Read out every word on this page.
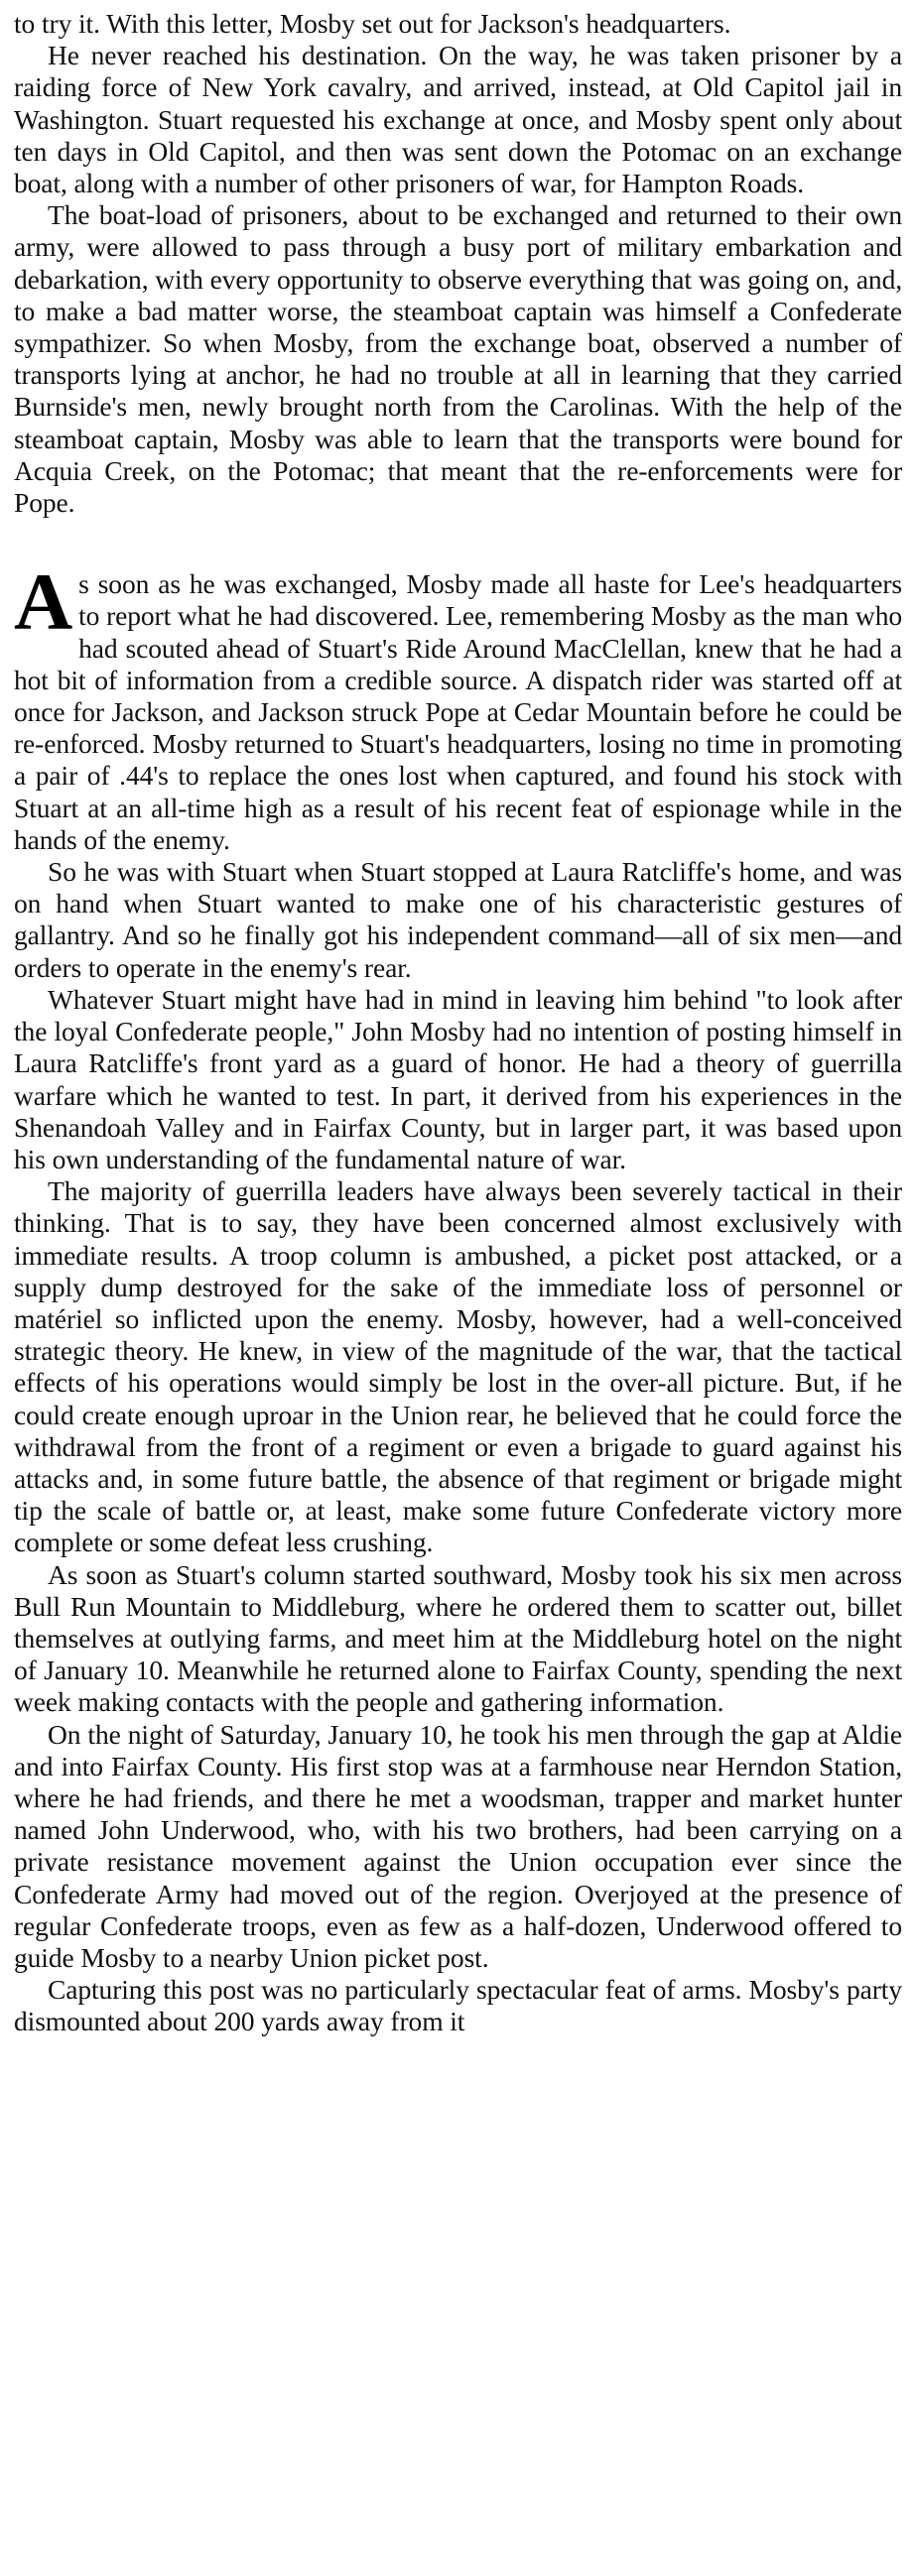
to try it. With this letter, Mosby set out for Jackson's headquarters.

He never reached his destination. On the way, he was taken prisoner by a raiding force of New York cavalry, and arrived, instead, at Old Capitol jail in Washington. Stuart requested his exchange at once, and Mosby spent only about ten days in Old Capitol, and then was sent down the Potomac on an exchange boat, along with a number of other prisoners of war, for Hampton Roads.

The boat-load of prisoners, about to be exchanged and returned to their own army, were allowed to pass through a busy port of military embarkation and debarkation, with every opportunity to observe everything that was going on, and, to make a bad matter worse, the steamboat captain was himself a Confederate sympathizer. So when Mosby, from the exchange boat, observed a number of transports lying at anchor, he had no trouble at all in learning that they carried Burnside's men, newly brought north from the Carolinas. With the help of the steamboat captain, Mosby was able to learn that the transports were bound for Acquia Creek, on the Potomac; that meant that the re-enforcements were for Pope.

As soon as he was exchanged, Mosby made all haste for Lee's headquarters to report what he had discovered. Lee, remembering Mosby as the man who had scouted ahead of Stuart's Ride Around MacClellan, knew that he had a hot bit of information from a credible source. A dispatch rider was started off at once for Jackson, and Jackson struck Pope at Cedar Mountain before he could be re-enforced. Mosby returned to Stuart's headquarters, losing no time in promoting a pair of .44's to replace the ones lost when captured, and found his stock with Stuart at an all-time high as a result of his recent feat of espionage while in the hands of the enemy.

So he was with Stuart when Stuart stopped at Laura Ratcliffe's home, and was on hand when Stuart wanted to make one of his characteristic gestures of gallantry. And so he finally got his independent command—all of six men—and orders to operate in the enemy's rear.

Whatever Stuart might have had in mind in leaving him behind "to look after the loyal Confederate people," John Mosby had no intention of posting himself in Laura Ratcliffe's front yard as a guard of honor. He had a theory of guerrilla warfare which he wanted to test. In part, it derived from his experiences in the Shenandoah Valley and in Fairfax County, but in larger part, it was based upon his own understanding of the fundamental nature of war.

The majority of guerrilla leaders have always been severely tactical in their thinking. That is to say, they have been concerned almost exclusively with immediate results. A troop column is ambushed, a picket post attacked, or a supply dump destroyed for the sake of the immediate loss of personnel or matériel so inflicted upon the enemy. Mosby, however, had a well-conceived strategic theory. He knew, in view of the magnitude of the war, that the tactical effects of his operations would simply be lost in the over-all picture. But, if he could create enough uproar in the Union rear, he believed that he could force the withdrawal from the front of a regiment or even a brigade to guard against his attacks and, in some future battle, the absence of that regiment or brigade might tip the scale of battle or, at least, make some future Confederate victory more complete or some defeat less crushing.

As soon as Stuart's column started southward, Mosby took his six men across Bull Run Mountain to Middleburg, where he ordered them to scatter out, billet themselves at outlying farms, and meet him at the Middleburg hotel on the night of January 10. Meanwhile he returned alone to Fairfax County, spending the next week making contacts with the people and gathering information.

On the night of Saturday, January 10, he took his men through the gap at Aldie and into Fairfax County. His first stop was at a farmhouse near Herndon Station, where he had friends, and there he met a woodsman, trapper and market hunter named John Underwood, who, with his two brothers, had been carrying on a private resistance movement against the Union occupation ever since the Confederate Army had moved out of the region. Overjoyed at the presence of regular Confederate troops, even as few as a half-dozen, Underwood offered to guide Mosby to a nearby Union picket post.

Capturing this post was no particularly spectacular feat of arms. Mosby's party dismounted about 200 yards away from it
